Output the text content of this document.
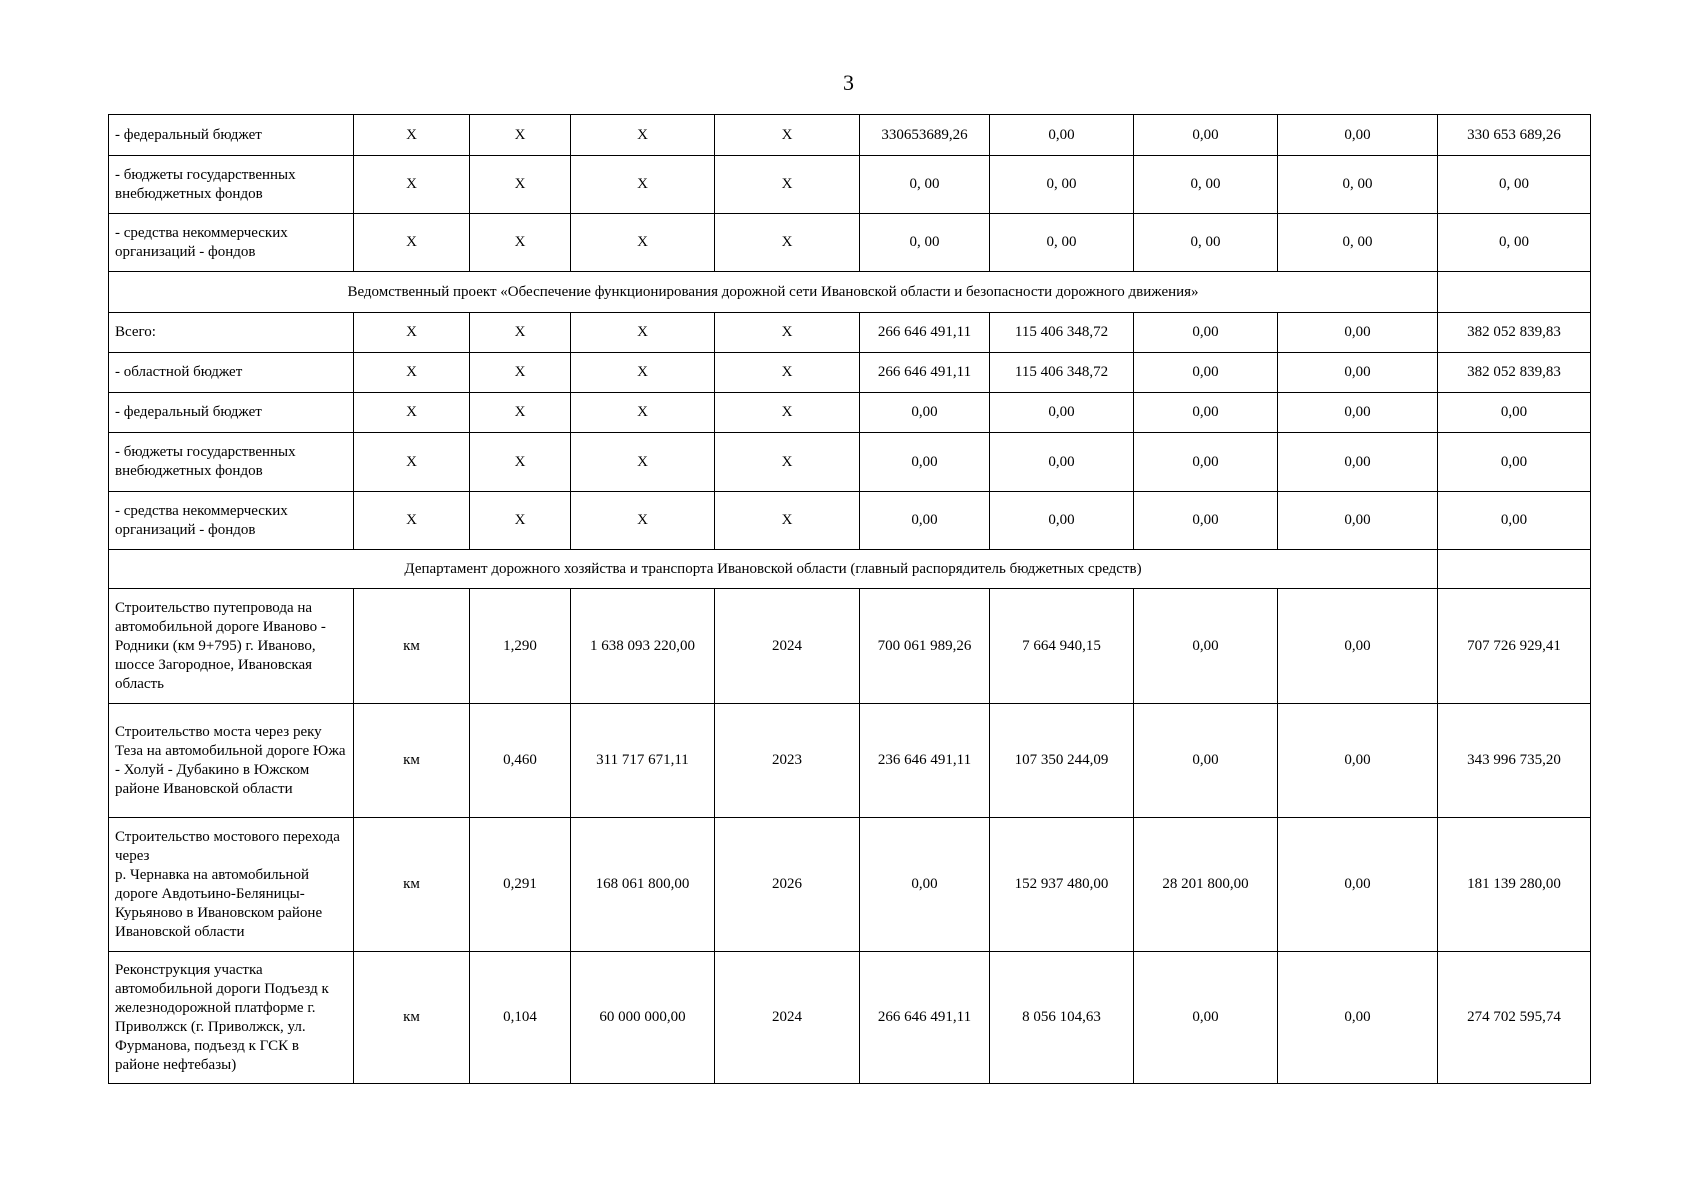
3
- федеральный бюджет	Х	Х	Х	Х	330653689,26	0,00	0,00	0,00	330 653 689,26
- бюджеты государственных внебюджетных фондов	Х	Х	Х	Х	0, 00	0, 00	0, 00	0, 00	0, 00
- средства некоммерческих организаций - фондов	Х	Х	Х	Х	0, 00	0, 00	0, 00	0, 00	0, 00
Ведомственный проект «Обеспечение функционирования дорожной сети Ивановской области и безопасности дорожного движения»									
Всего:	Х	Х	Х	Х	266 646 491,11	115 406 348,72	0,00	0,00	382 052 839,83
- областной бюджет	Х	Х	Х	Х	266 646 491,11	115 406 348,72	0,00	0,00	382 052 839,83
- федеральный бюджет	Х	Х	Х	Х	0,00	0,00	0,00	0,00	0,00
- бюджеты государственных внебюджетных фондов	Х	Х	Х	Х	0,00	0,00	0,00	0,00	0,00
- средства некоммерческих организаций - фондов	Х	Х	Х	Х	0,00	0,00	0,00	0,00	0,00
Департамент дорожного хозяйства и транспорта Ивановской области (главный распорядитель бюджетных средств)									
Строительство путепровода на автомобильной дороге Иваново - Родники (км 9+795) г. Иваново, шоссе Загородное, Ивановская область	км	1,290	1 638 093 220,00	2024	700 061 989,26	7 664 940,15	0,00	0,00	707 726 929,41
Строительство моста через реку Теза на автомобильной дороге Южа - Холуй - Дубакино в Южском районе Ивановской области	км	0,460	311 717 671,11	2023	236 646 491,11	107 350 244,09	0,00	0,00	343 996 735,20
Строительство мостового перехода через
р. Чернавка на автомобильной дороге Авдотьино-Беляницы-Курьяново в Ивановском районе Ивановской области	км	0,291	168 061 800,00	2026	0,00	152 937 480,00	28 201 800,00	0,00	181 139 280,00
Реконструкция участка автомобильной дороги Подъезд к железнодорожной платформе г. Приволжск (г. Приволжск, ул. Фурманова, подъезд к ГСК в районе нефтебазы)	км	0,104	60 000 000,00	2024	266 646 491,11	8 056 104,63	0,00	0,00	274 702 595,74
